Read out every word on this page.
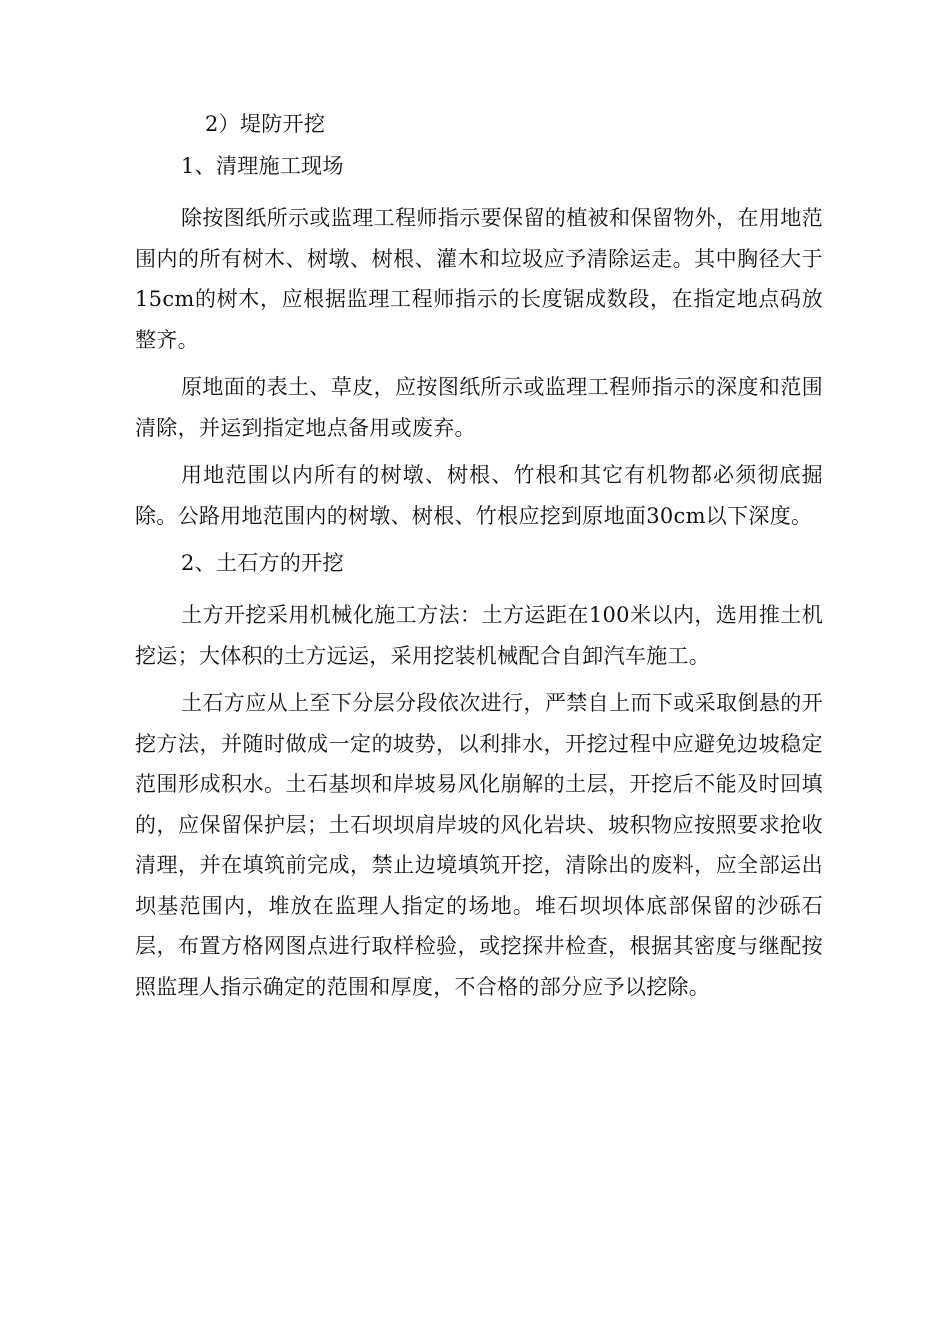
2）堤防开挖

1、清理施工现场

除按图纸所示或监理工程师指示要保留的植被和保留物外，在用地范围内的所有树木、树墩、树根、灌木和垃圾应予清除运走。其中胸径大于15cm的树木，应根据监理工程师指示的长度锯成数段，在指定地点码放整齐。

原地面的表土、草皮，应按图纸所示或监理工程师指示的深度和范围清除，并运到指定地点备用或废弃。

用地范围以内所有的树墩、树根、竹根和其它有机物都必须彻底掘除。公路用地范围内的树墩、树根、竹根应挖到原地面30cm以下深度。

2、土石方的开挖

土方开挖采用机械化施工方法：土方运距在100米以内，选用推土机挖运；大体积的土方远运，采用挖装机械配合自卸汽车施工。

土石方应从上至下分层分段依次进行，严禁自上而下或采取倒悬的开挖方法，并随时做成一定的坡势，以利排水，开挖过程中应避免边坡稳定范围形成积水。土石基坝和岸坡易风化崩解的土层，开挖后不能及时回填的，应保留保护层；土石坝坝肩岸坡的风化岩块、坡积物应按照要求抢收清理，并在填筑前完成，禁止边境填筑开挖，清除出的废料，应全部运出坝基范围内，堆放在监理人指定的场地。堆石坝坝体底部保留的沙砾石层，布置方格网图点进行取样检验，或挖探井检查，根据其密度与继配按照监理人指示确定的范围和厚度，不合格的部分应予以挖除。
